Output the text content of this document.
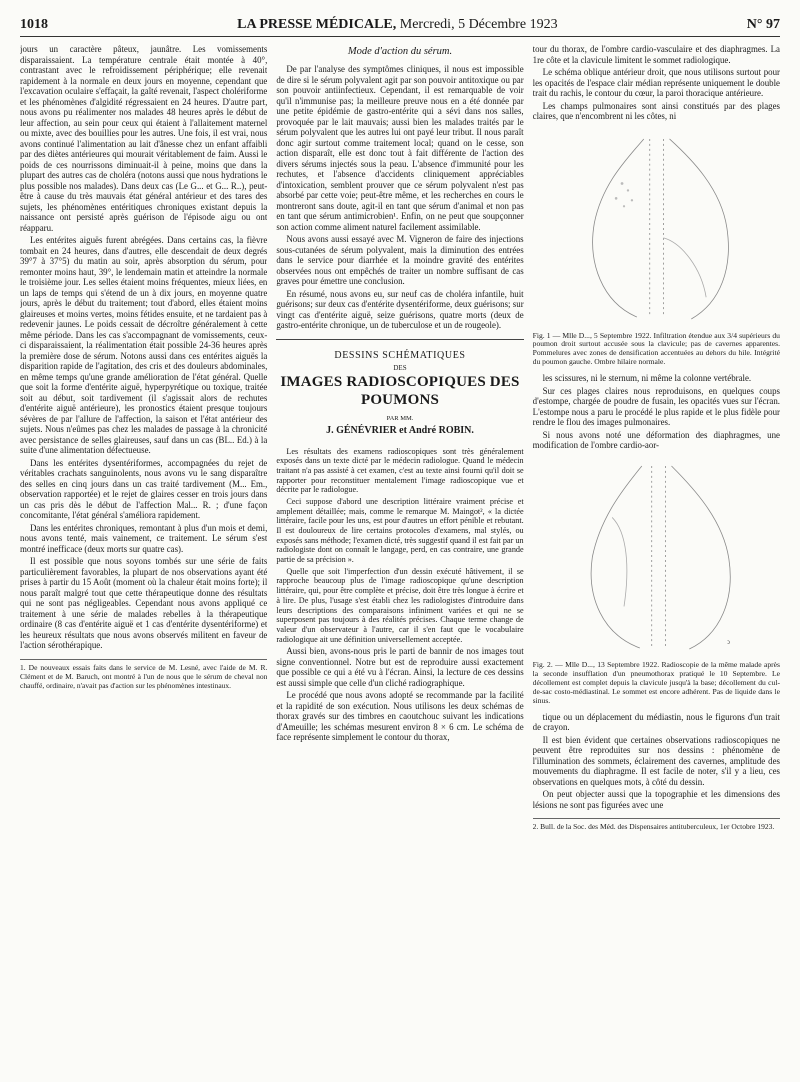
1018	LA PRESSE MÉDICALE, Mercredi, 5 Décembre 1923	N° 97

jours un caractère pâteux, jaunâtre. Les vomissements disparaissaient. La température centrale était montée à 40°, contrastant avec le refroidissement périphérique; elle revenait rapidement à la normale en deux jours en moyenne, cependant que l'excavation oculaire s'effaçait, la gaîté revenait, l'aspect cholériforme et les phénomènes d'algidité régressaient en 24 heures. D'autre part, nous avons pu réalimenter nos malades 48 heures après le début de leur affection, au sein pour ceux qui étaient à l'allaitement maternel ou mixte, avec des bouillies pour les autres. Une fois, il est vrai, nous avons continué l'alimentation au lait d'ânesse chez un enfant affaibli par des diètes antérieures qui mourait véritablement de faim. Aussi le poids de ces nourrissons diminuait-il à peine, moins que dans la plupart des autres cas de choléra (notons aussi que nous hydrations le plus possible nos malades). Dans deux cas (Le G... et G... R..), peut-être à cause du très mauvais état général antérieur et des tares des sujets, les phénomènes entéritiques chroniques existant depuis la naissance ont persisté après guérison de l'épisode aigu ou ont réapparu.

Les entérites aiguës furent abrégées. Dans certains cas, la fièvre tombait en 24 heures, dans d'autres, elle descendait de deux degrés 39°7 à 37°5) du matin au soir, après absorption du sérum, pour remonter moins haut, 39°, le lendemain matin et atteindre la normale le troisième jour. Les selles étaient moins fréquentes, mieux liées, en un laps de temps qui s'étend de un à dix jours, en moyenne quatre jours, après le début du traitement; tout d'abord, elles étaient moins glaireuses et moins vertes, moins fétides ensuite, et ne tardaient pas à redevenir jaunes. Le poids cessait de décroître généralement à cette même période. Dans les cas s'accompagnant de vomissements, ceux-ci disparaissaient, la réalimentation était possible 24-36 heures après la première dose de sérum. Notons aussi dans ces entérites aiguës la disparition rapide de l'agitation, des cris et des douleurs abdominales, en même temps qu'une grande amélioration de l'état général. Quelle que soit la forme d'entérite aiguë, hyperpyrétique ou toxique, traitée soit au début, soit tardivement (il s'agissait alors de rechutes d'entérite aiguë antérieure), les pronostics étaient presque toujours sévères de par l'allure de l'affection, la saison et l'état antérieur des sujets. Nous n'eûmes pas chez les malades de passage à la chronicité avec persistance de selles glaireuses, sauf dans un cas (BL.. Ed.) à la suite d'une alimentation défectueuse.

Dans les entérites dysentériformes, accompagnées du rejet de véritables crachats sanguinolents, nous avons vu le sang disparaître des selles en cinq jours dans un cas traité tardivement (M... Em., observation rapportée) et le rejet de glaires cesser en trois jours dans un cas pris dès le début de l'affection Mal... R. ; d'une façon concomitante, l'état général s'améliora rapidement.

Dans les entérites chroniques, remontant à plus d'un mois et demi, nous avons tenté, mais vainement, ce traitement. Le sérum s'est montré inefficace (deux morts sur quatre cas).

Il est possible que nous soyons tombés sur une série de faits particulièrement favorables, la plupart de nos observations ayant été prises à partir du 15 Août (moment où la chaleur était moins forte); il nous paraît malgré tout que cette thérapeutique donne des résultats qui ne sont pas négligeables. Cependant nous avons appliqué ce traitement à une série de malades rebelles à la thérapeutique ordinaire (8 cas d'entérite aiguë et 1 cas d'entérite dysentériforme) et les heureux résultats que nous avons observés militent en faveur de l'action sérothérapique.

1. De nouveaux essais faits dans le service de M. Lesné, avec l'aide de M. R. Clément et de M. Baruch, ont montré à l'un de nous que le sérum de cheval non chauffé, ordinaire, n'avait pas d'action sur les phénomènes intestinaux.
Mode d'action du sérum.

De par l'analyse des symptômes cliniques, il nous est impossible de dire si le sérum polyvalent agit par son pouvoir antitoxique ou par son pouvoir antiinfectieux. Cependant, il est remarquable de voir qu'il n'immunise pas; la meilleure preuve nous en a été donnée par une petite épidémie de gastro-entérite qui a sévi dans nos salles, provoquée par le lait mauvais; aussi bien les malades traités par le sérum polyvalent que les autres lui ont payé leur tribut. Il nous paraît donc agir surtout comme traitement local; quand on le cesse, son action disparaît, elle est donc tout à fait différente de l'action des divers sérums injectés sous la peau. L'absence d'immunité pour les rechutes, et l'absence d'accidents cliniquement appréciables d'intoxication, semblent prouver que ce sérum polyvalent n'est pas absorbé par cette voie; peut-être même, et les recherches en cours le montreront sans doute, agit-il en tant que sérum d'animal et non pas en tant que sérum antimicrobien¹. Enfin, on ne peut que soupçonner son action comme aliment naturel facilement assimilable.

Nous avons aussi essayé avec M. Vigneron de faire des injections sous-cutanées de sérum polyvalent, mais la diminution des entrées dans le service pour diarrhée et la moindre gravité des entérites observées nous ont empêchés de traiter un nombre suffisant de cas graves pour émettre une conclusion.

En résumé, nous avons eu, sur neuf cas de choléra infantile, huit guérisons; sur deux cas d'entérite dysentériforme, deux guérisons; sur vingt cas d'entérite aiguë, seize guérisons, quatre morts (deux de gastro-entérite chronique, un de tuberculose et un de rougeole).

DESSINS SCHÉMATIQUES
DES
IMAGES RADIOSCOPIQUES DES POUMONS
PAR MM.
J. GÉNÉVRIER et André ROBIN.

Les résultats des examens radioscopiques sont très généralement exposés dans un texte dicté par le médecin radiologue. Quand le médecin traitant n'a pas assisté à cet examen, c'est au texte ainsi fourni qu'il doit se rapporter pour reconstituer mentalement l'image radioscopique vue et décrite par le radiologue.

Ceci suppose d'abord une description littéraire vraiment précise et amplement détaillée; mais, comme le remarque M. Maingot², « la dictée littéraire, facile pour les uns, est pour d'autres un effort pénible et rebutant. Il est douloureux de lire certains protocoles d'examens, mal stylés, ou exposés sans méthode; l'examen dicté, très suggestif quand il est fait par un radiologiste dont on connaît le langage, perd, en cas contraire, une grande partie de sa précision ».

Quelle que soit l'imperfection d'un dessin exécuté hâtivement, il se rapproche beaucoup plus de l'image radioscopique qu'une description littéraire, qui, pour être complète et précise, doit être très longue à écrire et à lire. De plus, l'usage s'est établi chez les radiologistes d'introduire dans leurs descriptions des comparaisons infiniment variées et qui ne se superposent pas toujours à des réalités précises. Chaque terme change de valeur d'un observateur à l'autre, car il s'en faut que le vocabulaire radiologique ait une définition universellement acceptée.

Aussi bien, avons-nous pris le parti de bannir de nos images tout signe conventionnel. Notre but est de reproduire aussi exactement que possible ce qui a été vu à l'écran. Ainsi, la lecture de ces dessins est aussi simple que celle d'un cliché radiographique.

Le procédé que nous avons adopté se recommande par la facilité et la rapidité de son exécution. Nous utilisons les deux schémas de thorax gravés sur des timbres en caoutchouc suivant les indications d'Ameuille; les schémas mesurent environ 8 × 6 cm. Le schéma de face représente simplement le contour du thorax,

tour du thorax, de l'ombre cardio-vasculaire et des diaphragmes. La 1re côte et la clavicule limitent le sommet radiologique.

Le schéma oblique antérieur droit, que nous utilisons surtout pour les opacités de l'espace clair médian représente uniquement le double trait du rachis, le contour du cœur, la paroi thoracique antérieure.

Les champs pulmonaires sont ainsi constitués par des plages claires, que n'encombrent ni les côtes, ni

Fig. 1 — Mlle D..., 5 Septembre 1922. Infiltration étendue aux 3/4 supérieurs du poumon droit surtout accusée sous la clavicule; pas de cavernes apparentes. Pommelures avec zones de densification accentuées au dehors du hile. Intégrité du poumon gauche. Ombre hilaire normale.

les scissures, ni le sternum, ni même la colonne vertébrale.

Sur ces plages claires nous reproduisons, en quelques coups d'estompe, chargée de poudre de fusain, les opacités vues sur l'écran. L'estompe nous a paru le procédé le plus rapide et le plus fidèle pour rendre le flou des images pulmonaires.

Si nous avons noté une déformation des diaphragmes, une modification de l'ombre cardio-aor-

ↄ
Fig. 2. — Mlle D..., 13 Septembre 1922. Radioscopie de la même malade après la seconde insufflation d'un pneumothorax pratiqué le 10 Septembre. Le décollement est complet depuis la clavicule jusqu'à la base; décollement du cul-de-sac costo-médiastinal. Le sommet est encore adhérent. Pas de liquide dans le sinus.

tique ou un déplacement du médiastin, nous le figurons d'un trait de crayon.

Il est bien évident que certaines observations radioscopiques ne peuvent être reproduites sur nos dessins : phénomène de l'illumination des sommets, éclairement des cavernes, amplitude des mouvements du diaphragme. Il est facile de noter, s'il y a lieu, ces observations en quelques mots, à côté du dessin.

On peut objecter aussi que la topographie et les dimensions des lésions ne sont pas figurées avec une

2. Bull. de la Soc. des Méd. des Dispensaires antituberculeux, 1er Octobre 1923.
